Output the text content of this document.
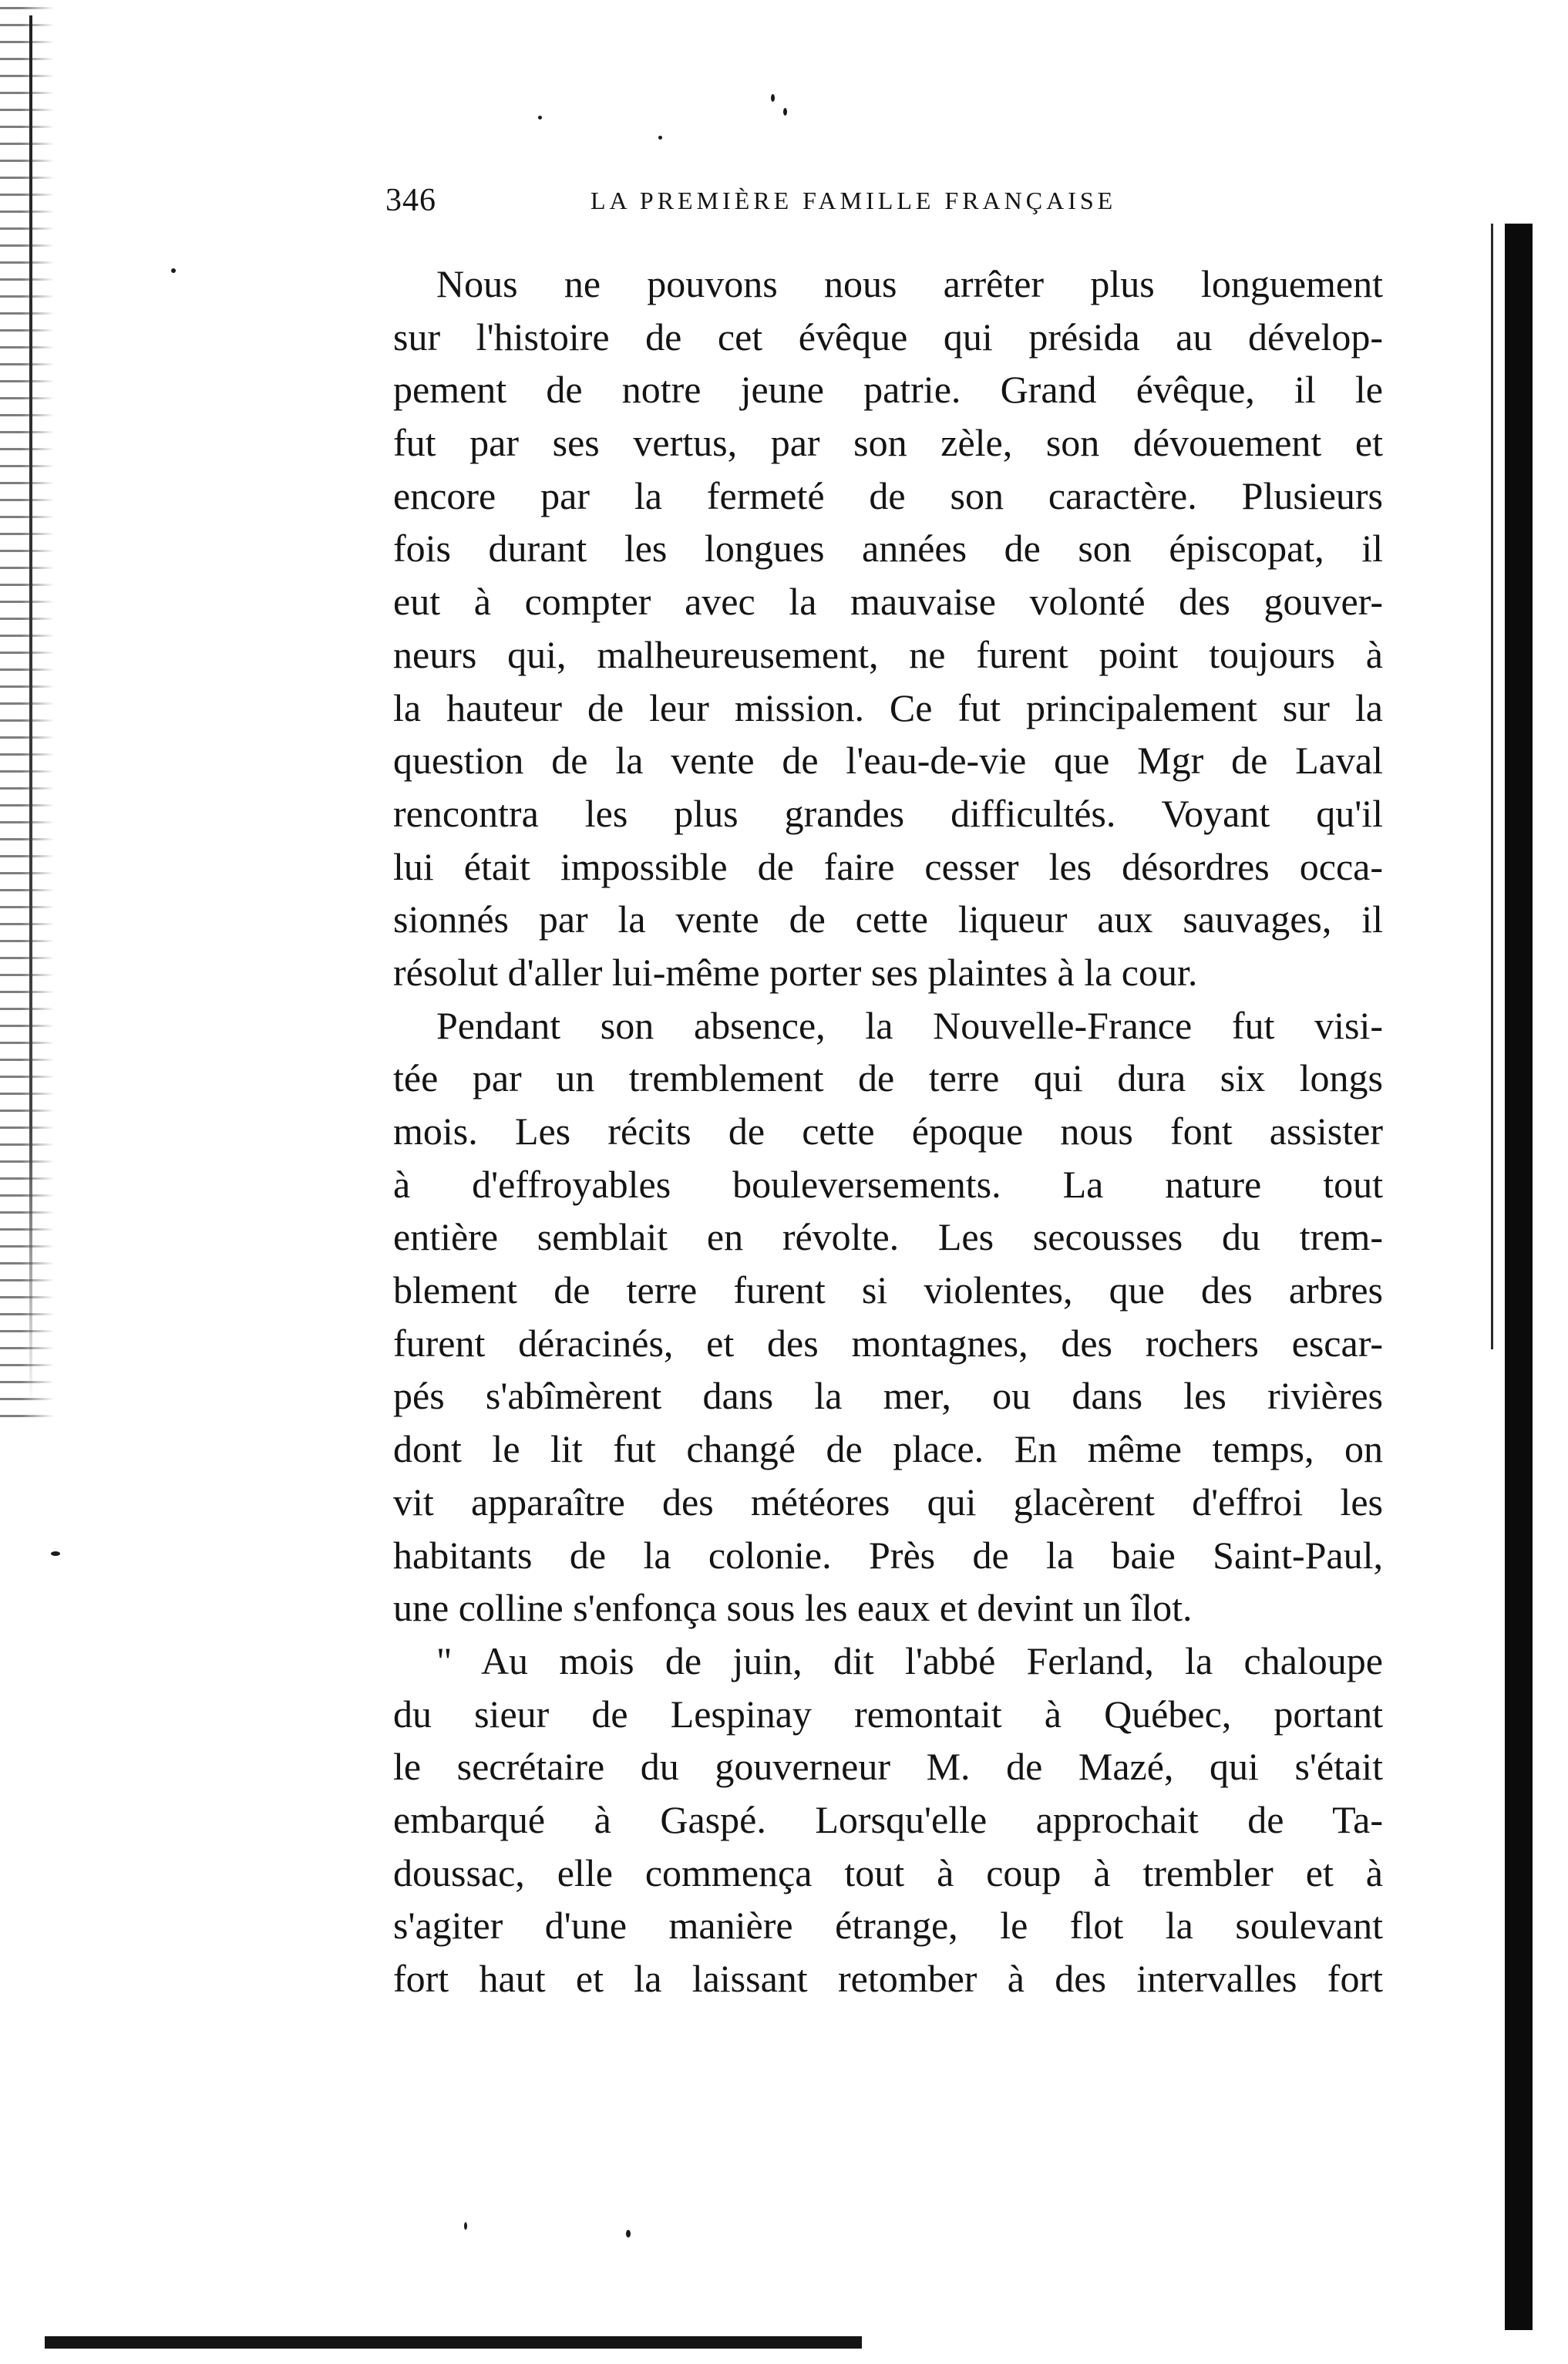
346	LA PREMIÈRE FAMILLE FRANÇAISE
Nous ne pouvons nous arrêter plus longuement
sur l'histoire de cet évêque qui présida au dévelop-
pement de notre jeune patrie. Grand évêque, il le
fut par ses vertus, par son zèle, son dévouement et
encore par la fermeté de son caractère. Plusieurs
fois durant les longues années de son épiscopat, il
eut à compter avec la mauvaise volonté des gouver-
neurs qui, malheureusement, ne furent point toujours à
la hauteur de leur mission. Ce fut principalement sur la
question de la vente de l'eau-de-vie que Mgr de Laval
rencontra les plus grandes difficultés. Voyant qu'il
lui était impossible de faire cesser les désordres occa-
sionnés par la vente de cette liqueur aux sauvages, il
résolut d'aller lui-même porter ses plaintes à la cour.
Pendant son absence, la Nouvelle-France fut visi-
tée par un tremblement de terre qui dura six longs
mois. Les récits de cette époque nous font assister
à d'effroyables bouleversements. La nature tout
entière semblait en révolte. Les secousses du trem-
blement de terre furent si violentes, que des arbres
furent déracinés, et des montagnes, des rochers escar-
pés s'abîmèrent dans la mer, ou dans les rivières
dont le lit fut changé de place. En même temps, on
vit apparaître des météores qui glacèrent d'effroi les
habitants de la colonie. Près de la baie Saint-Paul,
une colline s'enfonça sous les eaux et devint un îlot.
" Au mois de juin, dit l'abbé Ferland, la chaloupe
du sieur de Lespinay remontait à Québec, portant
le secrétaire du gouverneur M. de Mazé, qui s'était
embarqué à Gaspé. Lorsqu'elle approchait de Ta-
doussac, elle commença tout à coup à trembler et à
s'agiter d'une manière étrange, le flot la soulevant
fort haut et la laissant retomber à des intervalles fort
